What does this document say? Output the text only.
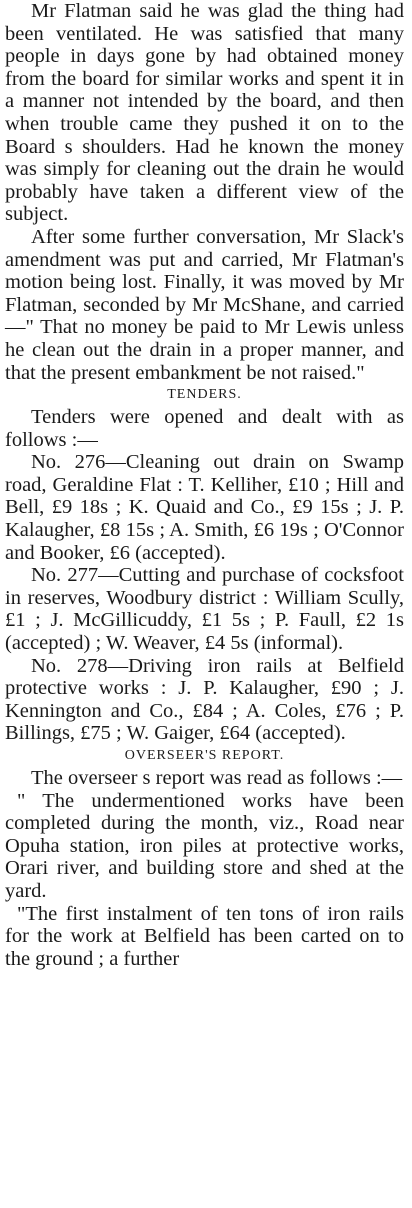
Mr Flatman said he was glad the thing had been ventilated. He was satisfied that many people in days gone by had obtained money from the board for similar works and spent it in a manner not intended by the board, and then when trouble came they pushed it on to the Board s shoulders. Had he known the money was simply for cleaning out the drain he would probably have taken a different view of the subject.

After some further conversation, Mr Slack's amendment was put and carried, Mr Flatman's motion being lost. Finally, it was moved by Mr Flatman, seconded by Mr McShane, and carried—" That no money be paid to Mr Lewis unless he clean out the drain in a proper manner, and that the present embankment be not raised."

TENDERS.

Tenders were opened and dealt with as follows :—

No. 276—Cleaning out drain on Swamp road, Geraldine Flat : T. Kelliher, £10 ; Hill and Bell, £9 18s ; K. Quaid and Co., £9 15s ; J. P. Kalaugher, £8 15s ; A. Smith, £6 19s ; O'Connor and Booker, £6 (accepted).

No. 277—Cutting and purchase of cocksfoot in reserves, Woodbury district : William Scully, £1 ; J. McGillicuddy, £1 5s ; P. Faull, £2 1s (accepted) ; W. Weaver, £4 5s (informal).

No. 278—Driving iron rails at Belfield protective works : J. P. Kalaugher, £90 ; J. Kennington and Co., £84 ; A. Coles, £76 ; P. Billings, £75 ; W. Gaiger, £64 (accepted).

OVERSEER'S REPORT.

The overseer s report was read as follows :—

" The undermentioned works have been completed during the month, viz., Road near Opuha station, iron piles at protective works, Orari river, and building store and shed at the yard.

"The first instalment of ten tons of iron rails for the work at Belfield has been carted on to the ground ; a further
